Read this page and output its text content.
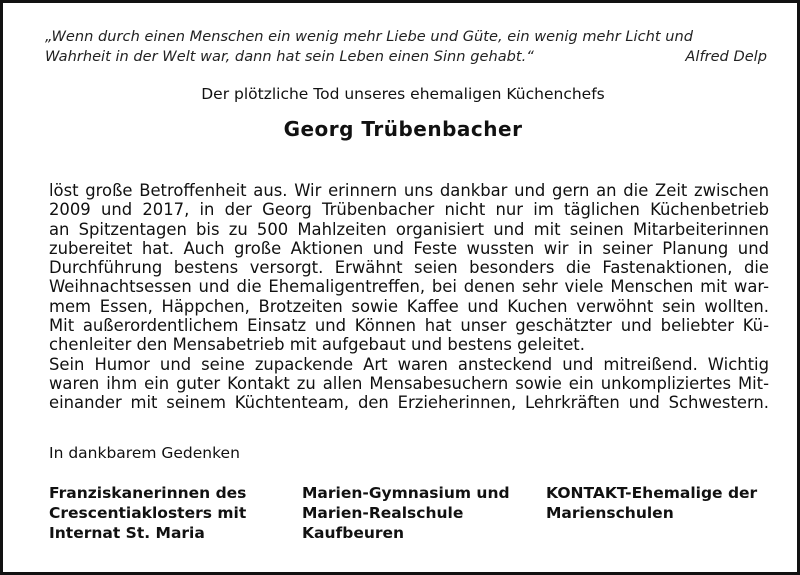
„Wenn durch einen Menschen ein wenig mehr Liebe und Güte, ein wenig mehr Licht und
Wahrheit in der Welt war, dann hat sein Leben einen Sinn gehabt.“	Alfred Delp
Der plötzliche Tod unseres ehemaligen Küchenchefs
Georg Trübenbacher
löst große Betroffenheit aus. Wir erinnern uns dankbar und gern an die Zeit zwischen
2009 und 2017, in der Georg Trübenbacher nicht nur im täglichen Küchenbetrieb
an Spitzentagen bis zu 500 Mahlzeiten organisiert und mit seinen Mitarbeiterinnen
zubereitet hat. Auch große Aktionen und Feste wussten wir in seiner Planung und
Durchführung bestens versorgt. Erwähnt seien besonders die Fastenaktionen, die
Weihnachtsessen und die Ehemaligentreffen, bei denen sehr viele Menschen mit war-
mem Essen, Häppchen, Brotzeiten sowie Kaffee und Kuchen verwöhnt sein wollten.
Mit außerordentlichem Einsatz und Können hat unser geschätzter und beliebter Kü-
chenleiter den Mensabetrieb mit aufgebaut und bestens geleitet.
Sein Humor und seine zupackende Art waren ansteckend und mitreißend. Wichtig
waren ihm ein guter Kontakt zu allen Mensabesuchern sowie ein unkompliziertes Mit-
einander mit seinem Küchtenteam, den Erzieherinnen, Lehrkräften und Schwestern.
In dankbarem Gedenken
Franziskanerinnen des
Crescentiaklosters mit
Internat St. Maria
Marien-Gymnasium und
Marien-Realschule
Kaufbeuren
KONTAKT-Ehemalige der
Marienschulen
